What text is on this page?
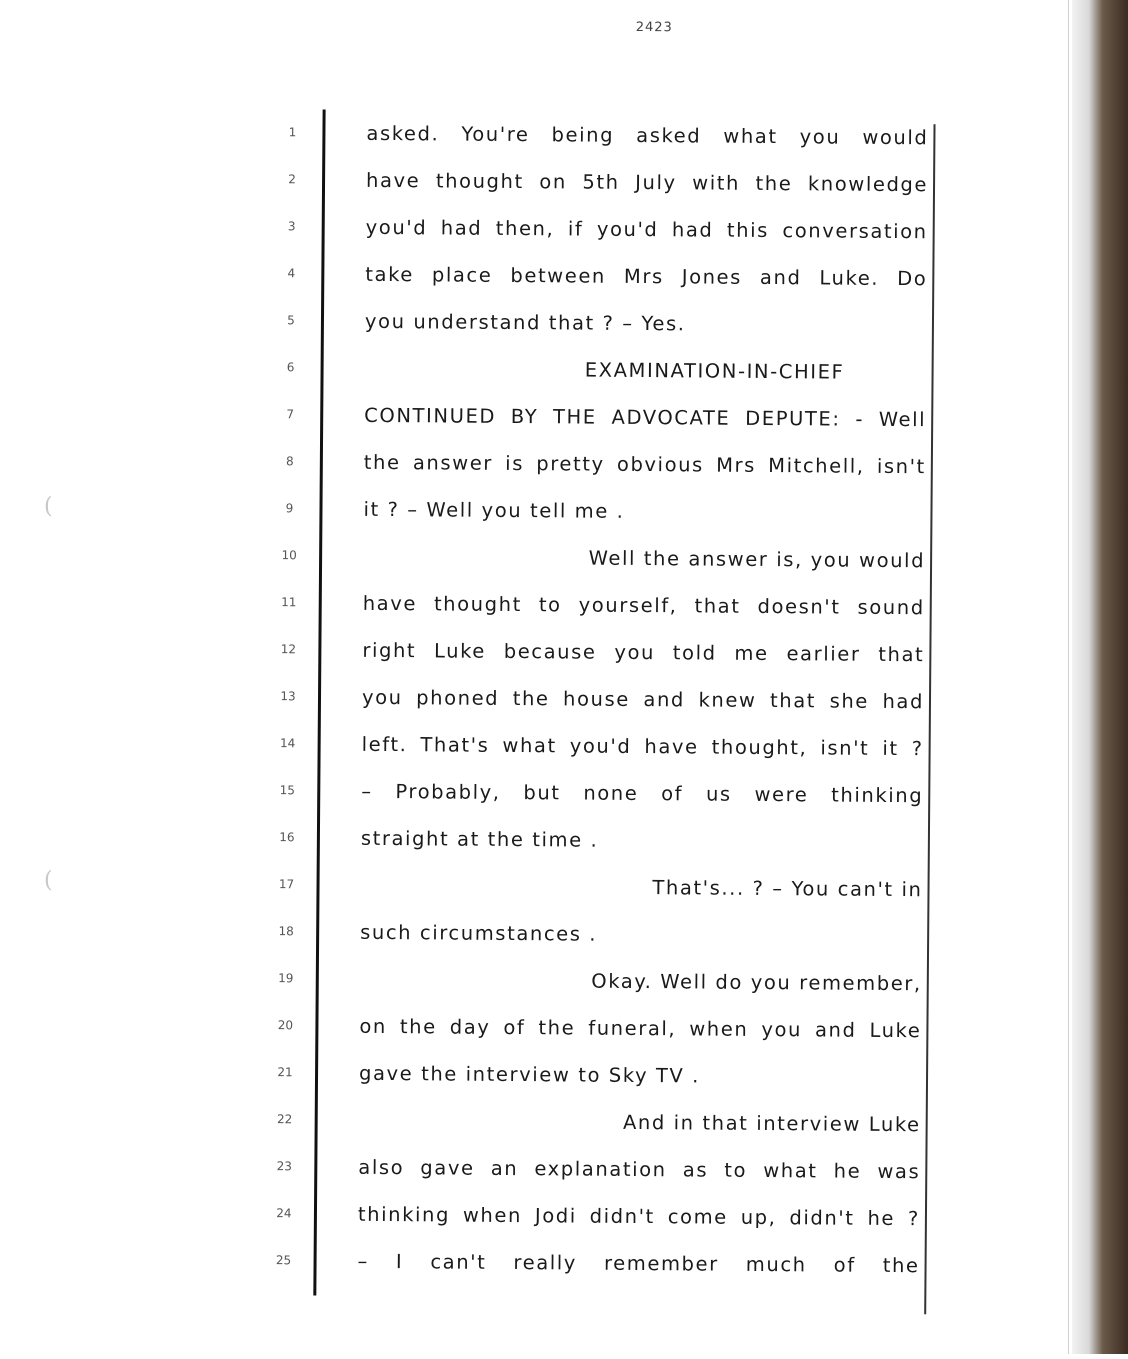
2423
1
2
3
4
5
6
7
8
9
10
11
12
13
14
15
16
17
18
19
20
21
22
23
24
25
asked. You're being asked what you would
have thought on 5th July with the knowledge
you'd had then, if you'd had this conversation
take place between Mrs Jones and Luke. Do
you understand that ? – Yes.
EXAMINATION-IN-CHIEF
CONTINUED BY THE ADVOCATE DEPUTE: - Well
the answer is pretty obvious Mrs Mitchell, isn't
it ? – Well you tell me .
Well the answer is, you would
have thought to yourself, that doesn't sound
right Luke because you told me earlier that
you phoned the house and knew that she had
left. That's what you'd have thought, isn't it ?
– Probably, but none of us were thinking
straight at the time .
That's... ? – You can't in
such circumstances .
Okay. Well do you remember,
on the day of the funeral, when you and Luke
gave the interview to Sky TV .
And in that interview Luke
also gave an explanation as to what he was
thinking when Jodi didn't come up, didn't he ?
– I can't really remember much of the
(
(
